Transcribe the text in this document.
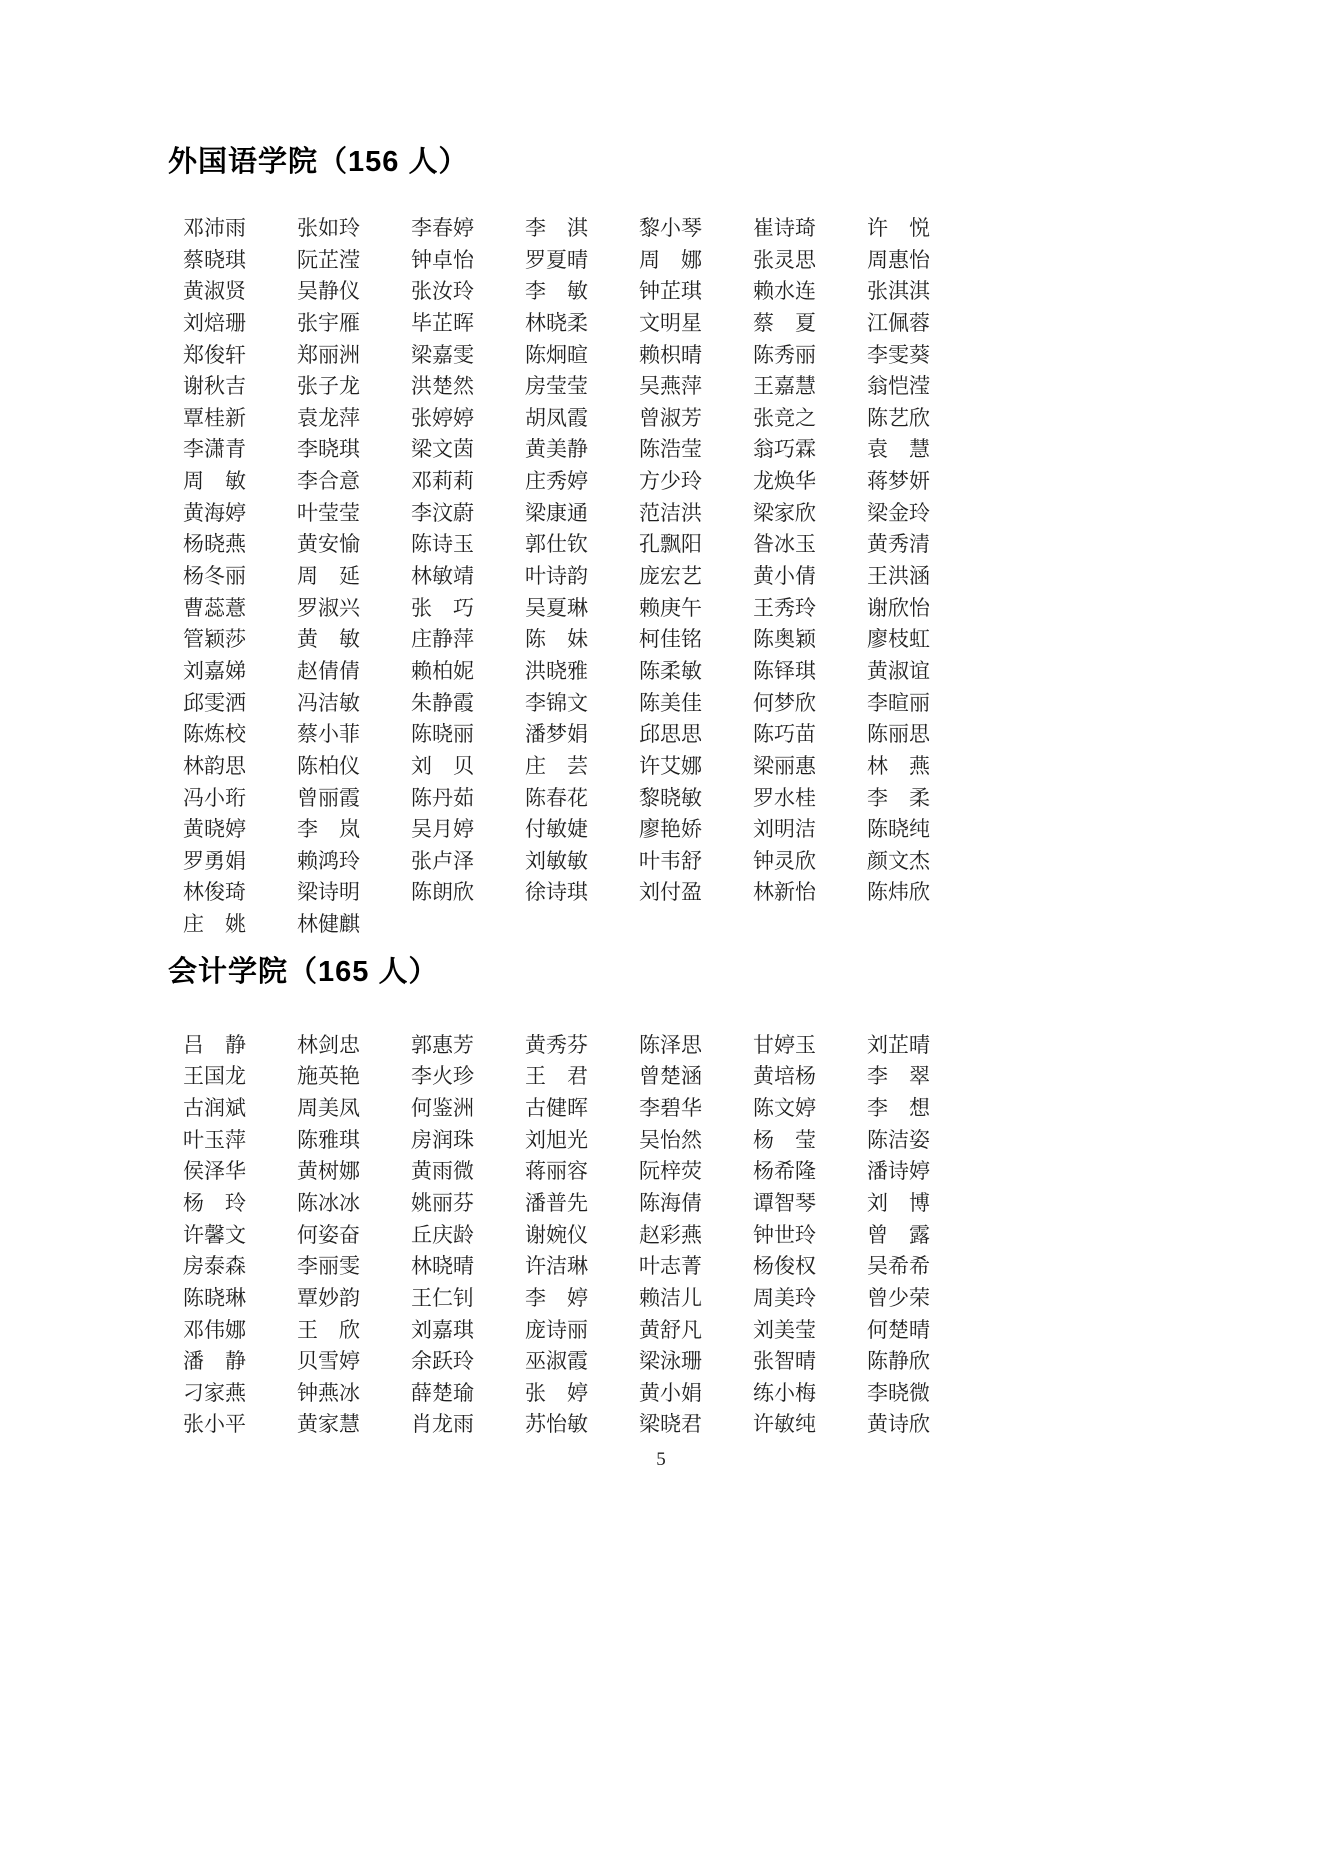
外国语学院（156 人）
邓沛雨 张如玲 李春婷 李　淇 黎小琴 崔诗琦 许　悦
蔡晓琪 阮芷滢 钟卓怡 罗夏晴 周　娜 张灵思 周惠怡
黄淑贤 吴静仪 张汝玲 李　敏 钟芷琪 赖水连 张淇淇
刘焙珊 张宇雁 毕芷晖 林晓柔 文明星 蔡　夏 江佩蓉
郑俊轩 郑丽洲 梁嘉雯 陈炯暄 赖枳晴 陈秀丽 李雯葵
谢秋吉 张子龙 洪楚然 房莹莹 吴燕萍 王嘉慧 翁恺滢
覃桂新 袁龙萍 张婷婷 胡凤霞 曾淑芳 张竞之 陈艺欣
李潇青 李晓琪 梁文茵 黄美静 陈浩莹 翁巧霖 袁　慧
周　敏 李合意 邓莉莉 庄秀婷 方少玲 龙焕华 蒋梦妍
黄海婷 叶莹莹 李汶蔚 梁康通 范洁洪 梁家欣 梁金玲
杨晓燕 黄安愉 陈诗玉 郭仕钦 孔飘阳 昝冰玉 黄秀清
杨冬丽 周　延 林敏靖 叶诗韵 庞宏艺 黄小倩 王洪涵
曹蕊薏 罗淑兴 张　巧 吴夏琳 赖庚午 王秀玲 谢欣怡
管颖莎 黄　敏 庄静萍 陈　妹 柯佳铭 陈奥颖 廖枝虹
刘嘉娣 赵倩倩 赖柏妮 洪晓雅 陈柔敏 陈铎琪 黄淑谊
邱雯洒 冯洁敏 朱静霞 李锦文 陈美佳 何梦欣 李暄丽
陈炼校 蔡小菲 陈晓丽 潘梦娟 邱思思 陈巧苗 陈丽思
林韵思 陈柏仪 刘　贝 庄　芸 许艾娜 梁丽惠 林　燕
冯小珩 曾丽霞 陈丹茹 陈春花 黎晓敏 罗水桂 李　柔
黄晓婷 李　岚 吴月婷 付敏婕 廖艳娇 刘明洁 陈晓纯
罗勇娟 赖鸿玲 张卢泽 刘敏敏 叶韦舒 钟灵欣 颜文杰
林俊琦 梁诗明 陈朗欣 徐诗琪 刘付盈 林新怡 陈炜欣
庄　姚 林健麒
会计学院（165 人）
吕　静 林剑忠 郭惠芳 黄秀芬 陈泽思 甘婷玉 刘芷晴
王国龙 施英艳 李火珍 王　君 曾楚涵 黄培杨 李　翠
古润斌 周美凤 何鉴洲 古健晖 李碧华 陈文婷 李　想
叶玉萍 陈雅琪 房润珠 刘旭光 吴怡然 杨　莹 陈洁姿
侯泽华 黄树娜 黄雨微 蒋丽容 阮梓荧 杨希隆 潘诗婷
杨　玲 陈冰冰 姚丽芬 潘普先 陈海倩 谭智琴 刘　博
许馨文 何姿奋 丘庆龄 谢婉仪 赵彩燕 钟世玲 曾　露
房泰森 李丽雯 林晓晴 许洁琳 叶志菁 杨俊权 吴希希
陈晓琳 覃妙韵 王仁钊 李　婷 赖洁儿 周美玲 曾少荣
邓伟娜 王　欣 刘嘉琪 庞诗丽 黄舒凡 刘美莹 何楚晴
潘　静 贝雪婷 余跃玲 巫淑霞 梁泳珊 张智晴 陈静欣
刁家燕 钟燕冰 薛楚瑜 张　婷 黄小娟 练小梅 李晓微
张小平 黄家慧 肖龙雨 苏怡敏 梁晓君 许敏纯 黄诗欣
5
